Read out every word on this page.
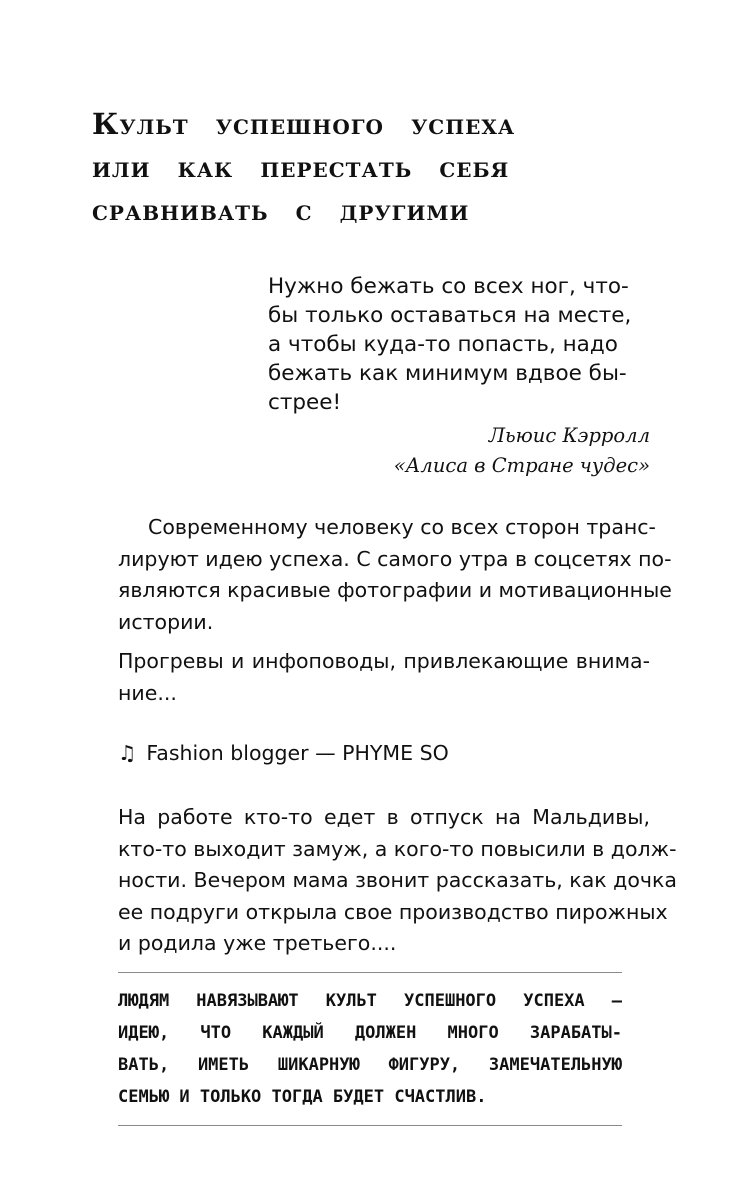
Культ успешного успеха
или как перестать себя
сравнивать с другими

Нужно бежать со всех ног, что-
бы только оставаться на месте,
а чтобы куда-то попасть, надо
бежать как минимум вдвое бы-
стрее!

Льюис Кэрролл

«Алиса в Стране чудес»

Современному человеку со всех сторон транс-
лируют идею успеха. С самого утра в соцсетях по-
являются красивые фотографии и мотивационные
истории.
Прогревы и инфоповоды, привлекающие внима-
ние...
♫ Fashion blogger — PHYME SO
На работе кто-то едет в отпуск на Мальдивы,
кто-то выходит замуж, а кого-то повысили в долж-
ности. Вечером мама звонит рассказать, как дочка
ее подруги открыла свое производство пирожных
и родила уже третьего....

ЛЮДЯМ НАВЯЗЫВАЮТ КУЛЬТ УСПЕШНОГО УСПЕХА —
ИДЕЮ, ЧТО КАЖДЫЙ ДОЛЖЕН МНОГО ЗАРАБАТЫ-
ВАТЬ, ИМЕТЬ ШИКАРНУЮ ФИГУРУ, ЗАМЕЧАТЕЛЬНУЮ
СЕМЬЮ И ТОЛЬКО ТОГДА БУДЕТ СЧАСТЛИВ.
